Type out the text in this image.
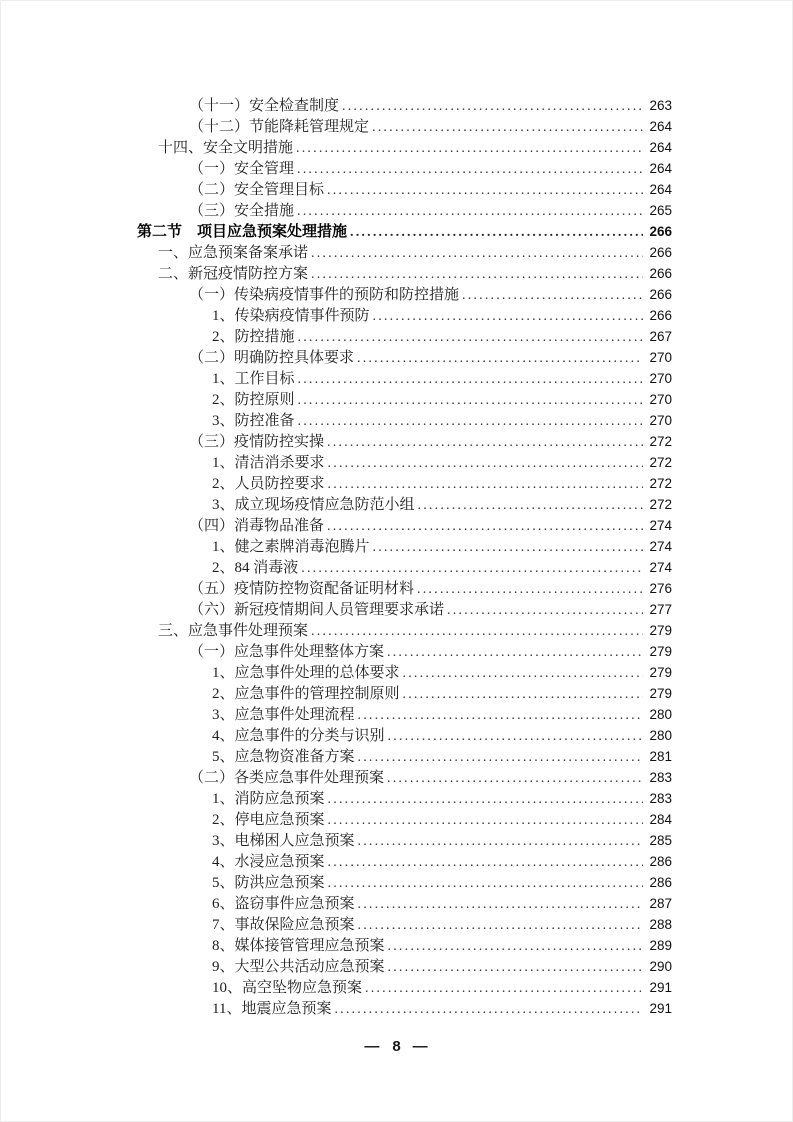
（十一）安全检查制度 .....	263
（十二）节能降耗管理规定 .....	264
十四、安全文明措施 .....	264
（一）安全管理 .....	264
（二）安全管理目标 .....	264
（三）安全措施 .....	265
第二节　项目应急预案处理措施 .....	266
一、应急预案备案承诺 .....	266
二、新冠疫情防控方案 .....	266
（一）传染病疫情事件的预防和防控措施 .....	266
1、传染病疫情事件预防 .....	266
2、防控措施 .....	267
（二）明确防控具体要求 .....	270
1、工作目标 .....	270
2、防控原则 .....	270
3、防控准备 .....	270
（三）疫情防控实操 .....	272
1、清洁消杀要求 .....	272
2、人员防控要求 .....	272
3、成立现场疫情应急防范小组 .....	272
（四）消毒物品准备 .....	274
1、健之素牌消毒泡腾片 .....	274
2、84 消毒液 .....	274
（五）疫情防控物资配备证明材料 .....	276
（六）新冠疫情期间人员管理要求承诺 .....	277
三、应急事件处理预案 .....	279
（一）应急事件处理整体方案 .....	279
1、应急事件处理的总体要求 .....	279
2、应急事件的管理控制原则 .....	279
3、应急事件处理流程 .....	280
4、应急事件的分类与识别 .....	280
5、应急物资准备方案 .....	281
（二）各类应急事件处理预案 .....	283
1、消防应急预案 .....	283
2、停电应急预案 .....	284
3、电梯困人应急预案 .....	285
4、水浸应急预案 .....	286
5、防洪应急预案 .....	286
6、盗窃事件应急预案 .....	287
7、事故保险应急预案 .....	288
8、媒体接管管理应急预案 .....	289
9、大型公共活动应急预案 .....	290
10、高空坠物应急预案 .....	291
11、地震应急预案 .....	291
— 8 —
